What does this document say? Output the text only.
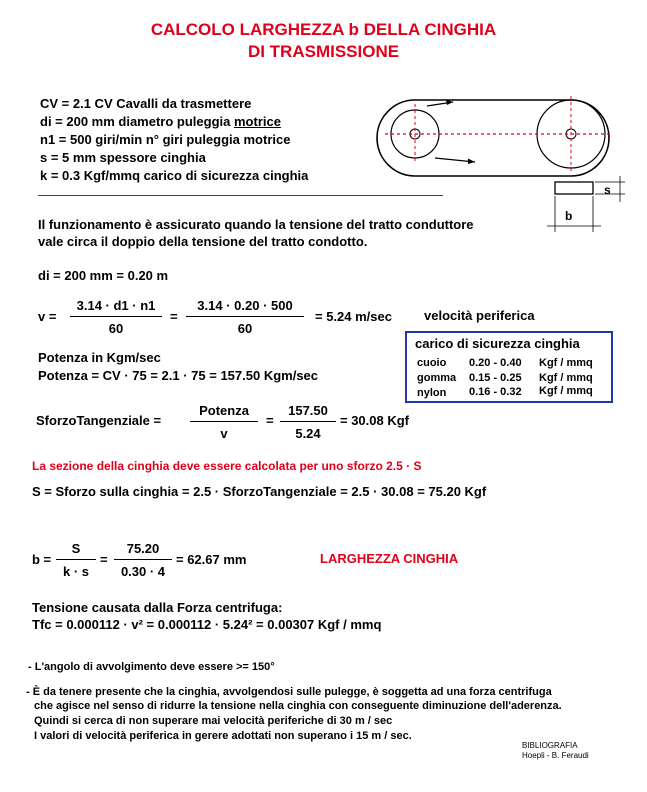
CALCOLO LARGHEZZA b DELLA CINGHIA
DI TRASMISSIONE
CV = 2.1 CV Cavalli da trasmettere
di = 200 mm diametro puleggia motrice
n1 = 500 giri/min n° giri puleggia motrice
s = 5 mm spessore cinghia
k = 0.3 Kgf/mmq carico di sicurezza cinghia
s
b
Il funzionamento è assicurato quando la tensione del tratto conduttore
vale circa il doppio della tensione del tratto condotto.
di = 200 mm = 0.20 m
$v = \frac{3.14 \cdot d1 \cdot n1}{60} = \frac{3.14 \cdot 0.20 \cdot 500}{60} = 5.24$ m/sec velocità periferica
carico di sicurezza cinghia
cuoio 0.20 - 0.40 Kgf / mmq
gomma 0.15 - 0.25 Kgf / mmq
nylon 0.16 - 0.32 Kgf / mmq
Potenza in Kgm/sec
Potenza = CV · 75 = 2.1 · 75 = 157.50 Kgm/sec
SforzoTangenziale =
Potenza
v
= $\frac{157.50}{5.24} = 30.08$ Kgf
La sezione della cinghia deve essere calcolata per uno sforzo 2.5 · S
S = Sforzo sulla cinghia = 2.5 · SforzoTangenziale = 2.5 · 30.08 = 75.20 Kgf
$b = \frac{S}{k \cdot s} = \frac{75.20}{0.30 \cdot 4} = 62.67$ mm	LARGHEZZA CINGHIA
Tensione causata dalla Forza centrifuga:
Tfc = 0.000112 · v² = 0.000112 · 5.24² = 0.00307 Kgf / mmq
- L'angolo di avvolgimento deve essere >= 150°
- È da tenere presente che la cinghia, avvolgendosi sulle pulegge, è soggetta ad una forza centrifuga
che agisce nel senso di ridurre la tensione nella cinghia con conseguente diminuzione dell'aderenza.
Quindi si cerca di non superare mai velocità periferiche di 30 m / sec
I valori di velocità periferica in gerere adottati non superano i 15 m / sec.
BIBLIOGRAFIA
Hoepli - B. Feraudi
